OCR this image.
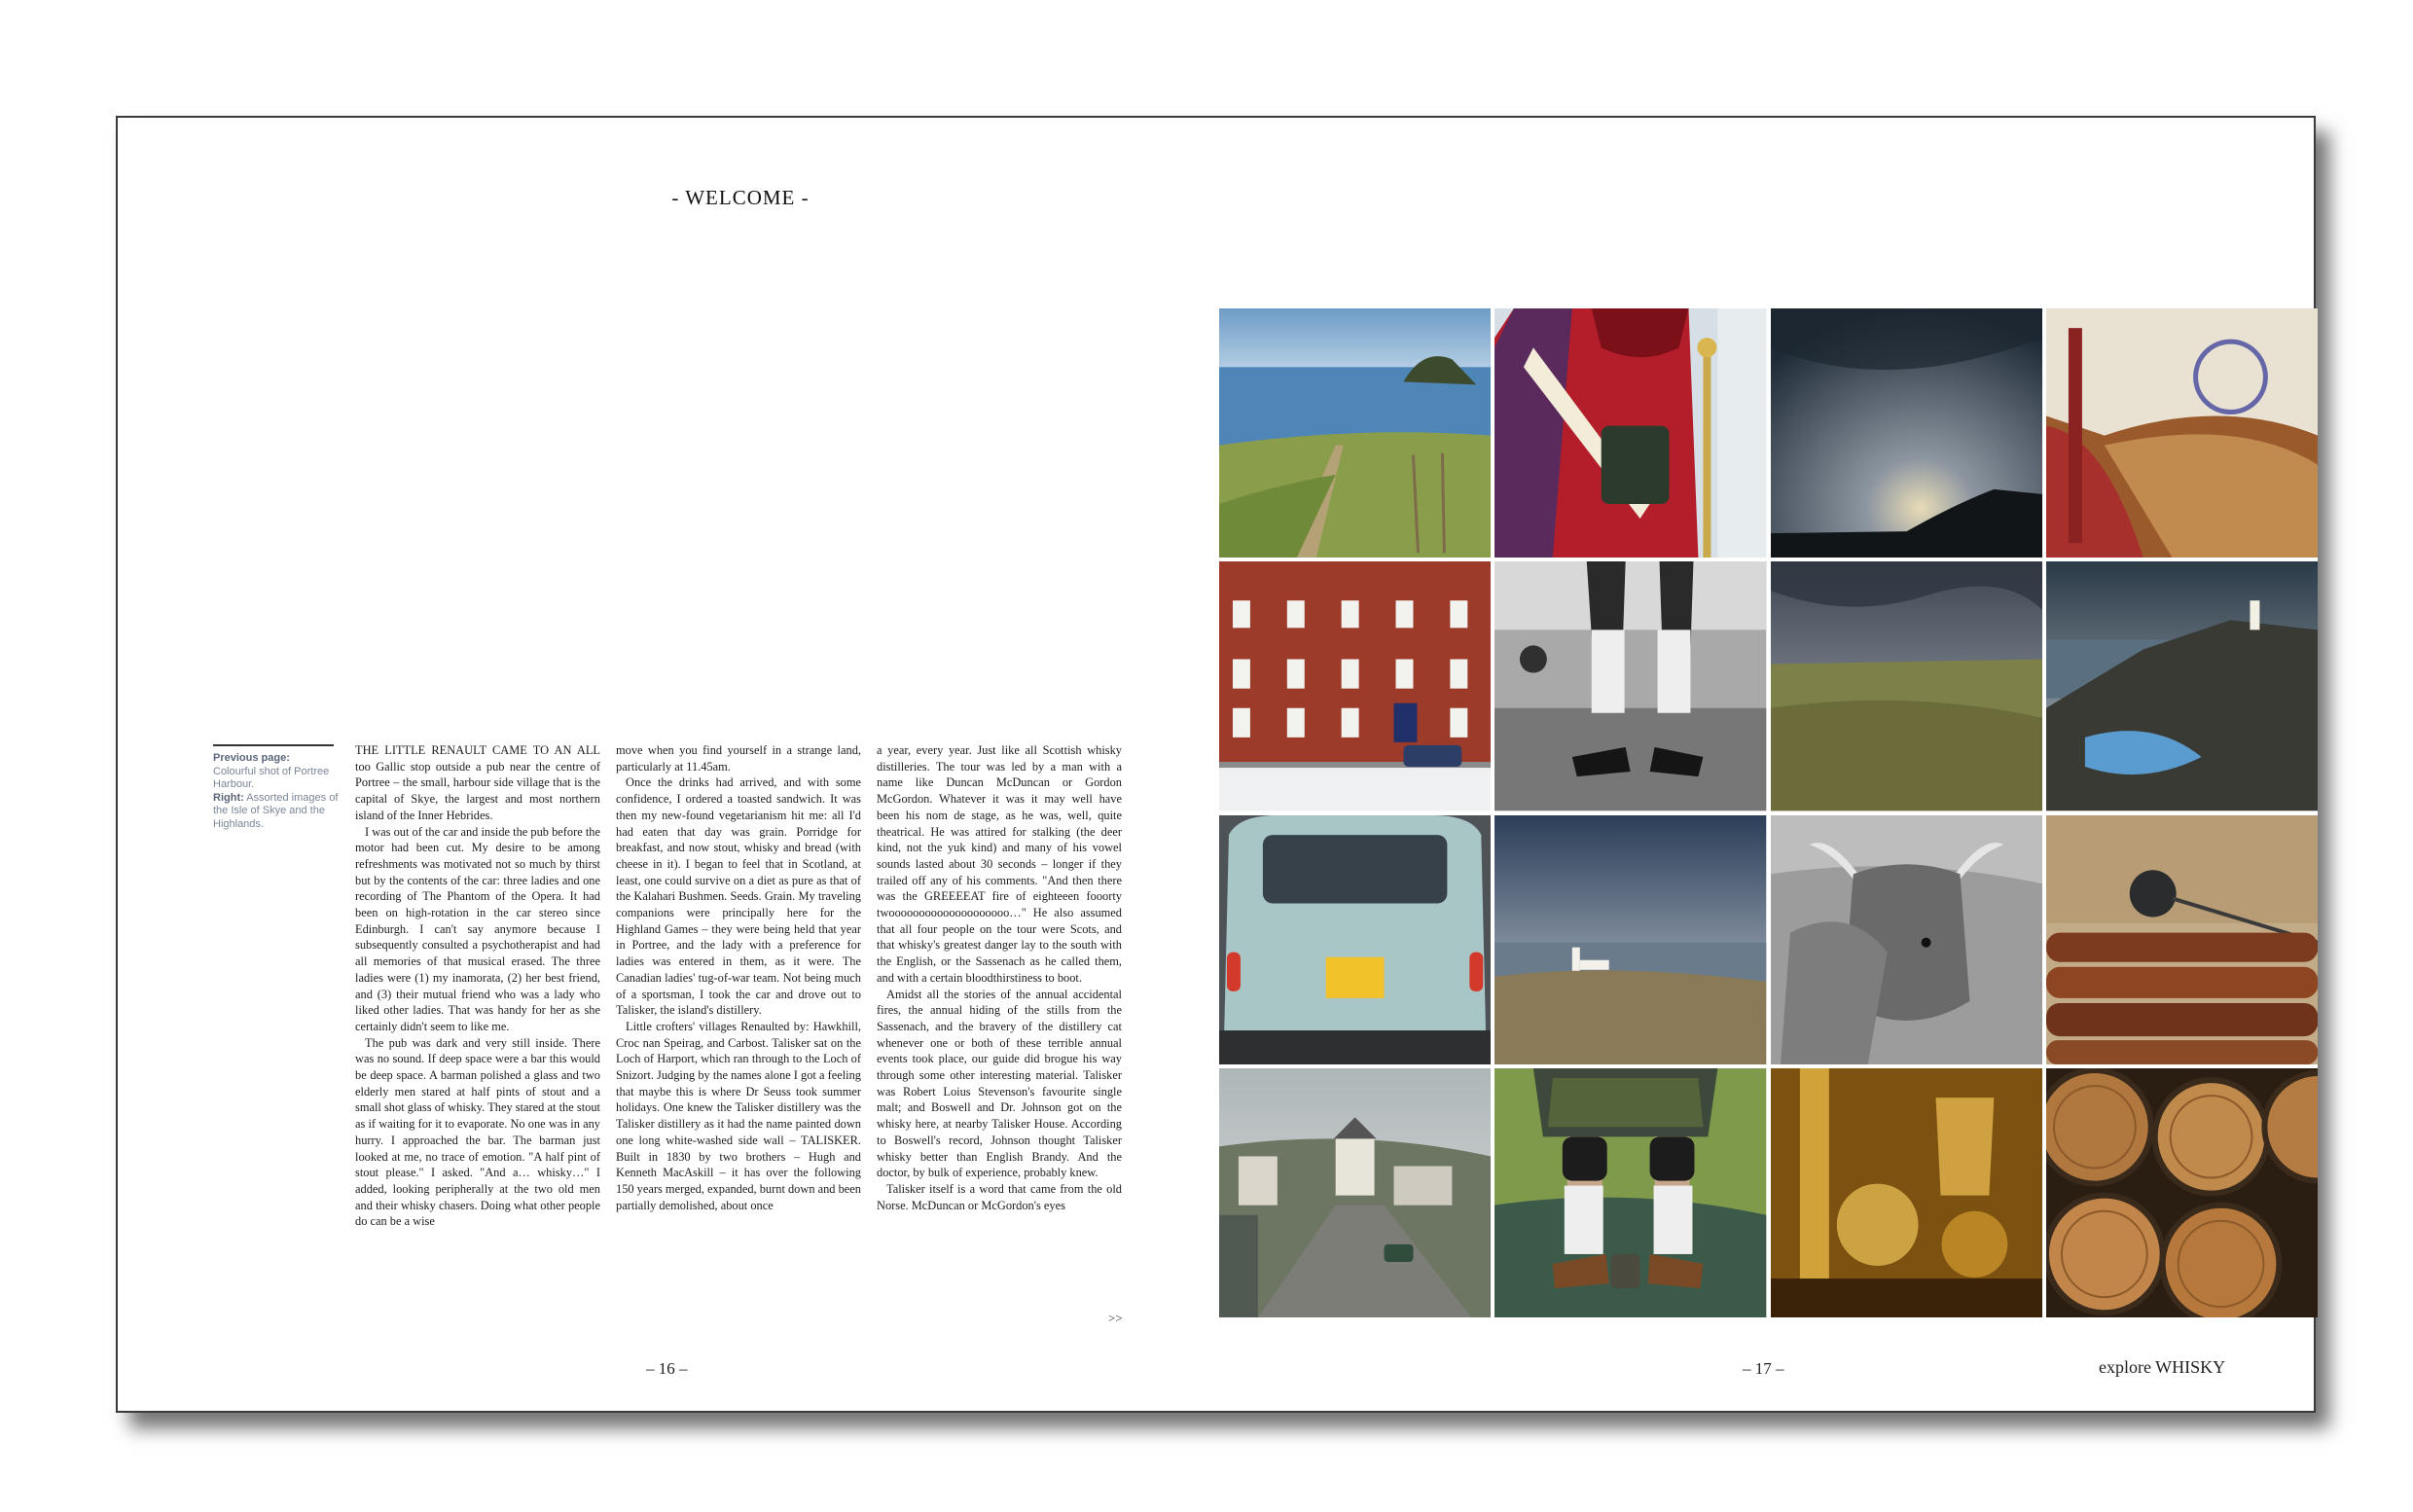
- WELCOME -
Previous page:
Colourful shot of Portree Harbour.
Right: Assorted images of the Isle of Skye and the Highlands.

THE LITTLE RENAULT CAME TO AN ALL too Gallic stop outside a pub near the centre of Portree – the small, harbour side village that is the capital of Skye, the largest and most northern island of the Inner Hebrides.

I was out of the car and inside the pub before the motor had been cut. My desire to be among refreshments was motivated not so much by thirst but by the contents of the car: three ladies and one recording of The Phantom of the Opera. It had been on high-rotation in the car stereo since Edinburgh. I can't say anymore because I subsequently consulted a psychotherapist and had all memories of that musical erased. The three ladies were (1) my inamorata, (2) her best friend, and (3) their mutual friend who was a lady who liked other ladies. That was handy for her as she certainly didn't seem to like me.

The pub was dark and very still inside. There was no sound. If deep space were a bar this would be deep space. A barman polished a glass and two elderly men stared at half pints of stout and a small shot glass of whisky. They stared at the stout as if waiting for it to evaporate. No one was in any hurry. I approached the bar. The barman just looked at me, no trace of emotion. "A half pint of stout please." I asked. "And a… whisky…" I added, looking peripherally at the two old men and their whisky chasers. Doing what other people do can be a wise

move when you find yourself in a strange land, particularly at 11.45am.

Once the drinks had arrived, and with some confidence, I ordered a toasted sandwich. It was then my new-found vegetarianism hit me: all I'd had eaten that day was grain. Porridge for breakfast, and now stout, whisky and bread (with cheese in it). I began to feel that in Scotland, at least, one could survive on a diet as pure as that of the Kalahari Bushmen. Seeds. Grain. My traveling companions were principally here for the Highland Games – they were being held that year in Portree, and the lady with a preference for ladies was entered in them, as it were. The Canadian ladies' tug-of-war team. Not being much of a sportsman, I took the car and drove out to Talisker, the island's distillery.

Little crofters' villages Renaulted by: Hawkhill, Croc nan Speirag, and Carbost. Talisker sat on the Loch of Harport, which ran through to the Loch of Snizort. Judging by the names alone I got a feeling that maybe this is where Dr Seuss took summer holidays. One knew the Talisker distillery was the Talisker distillery as it had the name painted down one long white-washed side wall – TALISKER. Built in 1830 by two brothers – Hugh and Kenneth MacAskill – it has over the following 150 years merged, expanded, burnt down and been partially demolished, about once

a year, every year. Just like all Scottish whisky distilleries. The tour was led by a man with a name like Duncan McDuncan or Gordon McGordon. Whatever it was it may well have been his nom de stage, as he was, well, quite theatrical. He was attired for stalking (the deer kind, not the yuk kind) and many of his vowel sounds lasted about 30 seconds – longer if they trailed off any of his comments. "And then there was the GREEEEAT fire of eighteeen fooorty twoooooooooooooooooooo…" He also assumed that all four people on the tour were Scots, and that whisky's greatest danger lay to the south with the English, or the Sassenach as he called them, and with a certain bloodthirstiness to boot.

Amidst all the stories of the annual accidental fires, the annual hiding of the stills from the Sassenach, and the bravery of the distillery cat whenever one or both of these terrible annual events took place, our guide did brogue his way through some other interesting material. Talisker was Robert Loius Stevenson's favourite single malt; and Boswell and Dr. Johnson got on the whisky here, at nearby Talisker House. According to Boswell's record, Johnson thought Talisker whisky better than English Brandy. And the doctor, by bulk of experience, probably knew.

Talisker itself is a word that came from the old Norse. McDuncan or McGordon's eyes

>>
– 16 –	– 17 –	explore WHISKY
